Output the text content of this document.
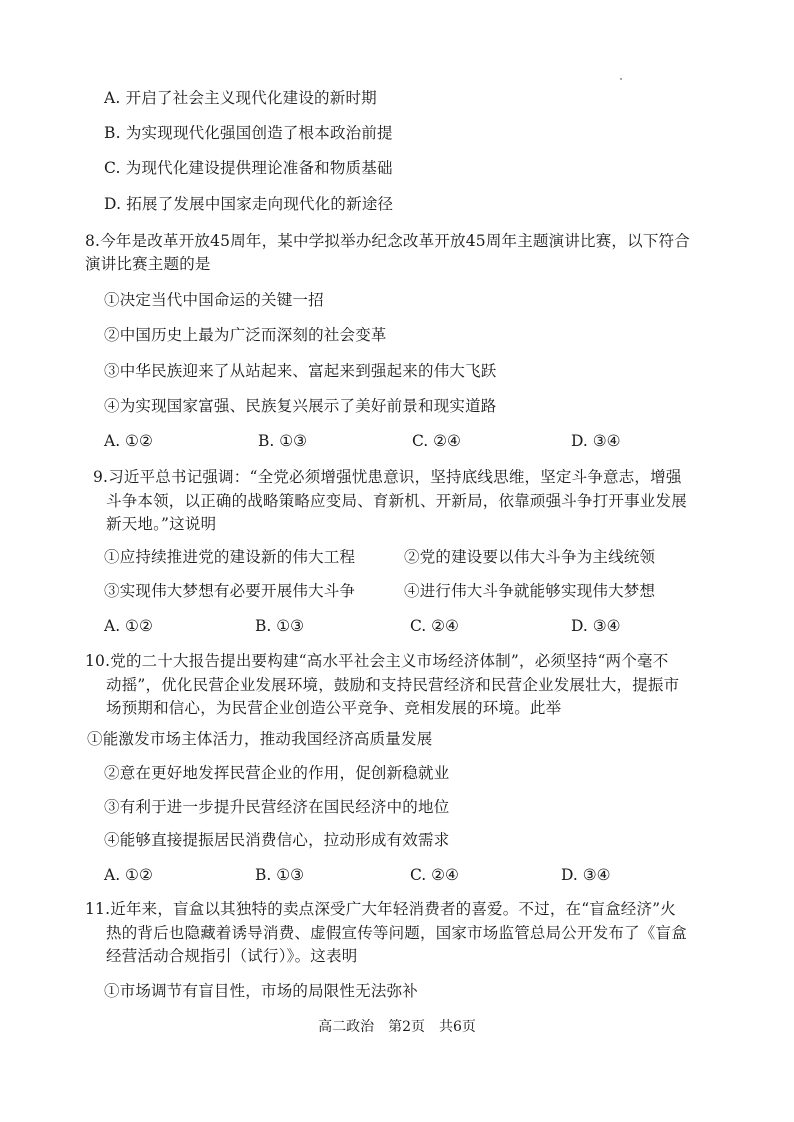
A. 开启了社会主义现代化建设的新时期
B. 为实现现代化强国创造了根本政治前提
C. 为现代化建设提供理论准备和物质基础
D. 拓展了发展中国家走向现代化的新途径
8.今年是改革开放45周年，某中学拟举办纪念改革开放45周年主题演讲比赛，以下符合
演讲比赛主题的是
①决定当代中国命运的关键一招
②中国历史上最为广泛而深刻的社会变革
③中华民族迎来了从站起来、富起来到强起来的伟大飞跃
④为实现国家富强、民族复兴展示了美好前景和现实道路
A. ①②	B. ①③	C. ②④	D. ③④
9.习近平总书记强调：“全党必须增强忧患意识，坚持底线思维，坚定斗争意志，增强
斗争本领，以正确的战略策略应变局、育新机、开新局，依靠顽强斗争打开事业发展
新天地。”这说明
①应持续推进党的建设新的伟大工程	②党的建设要以伟大斗争为主线统领
③实现伟大梦想有必要开展伟大斗争	④进行伟大斗争就能够实现伟大梦想
A. ①②	B. ①③	C. ②④	D. ③④
10.党的二十大报告提出要构建“高水平社会主义市场经济体制”，必须坚持“两个毫不
动摇”，优化民营企业发展环境，鼓励和支持民营经济和民营企业发展壮大，提振市
场预期和信心，为民营企业创造公平竞争、竞相发展的环境。此举
①能激发市场主体活力，推动我国经济高质量发展
②意在更好地发挥民营企业的作用，促创新稳就业
③有利于进一步提升民营经济在国民经济中的地位
④能够直接提振居民消费信心，拉动形成有效需求
A. ①②	B. ①③	C. ②④	D. ③④
11.近年来，盲盒以其独特的卖点深受广大年轻消费者的喜爱。不过，在“盲盒经济”火
热的背后也隐藏着诱导消费、虚假宣传等问题，国家市场监管总局公开发布了《盲盒
经营活动合规指引（试行）》。这表明
①市场调节有盲目性，市场的局限性无法弥补
高二政治　第2页　共6页
